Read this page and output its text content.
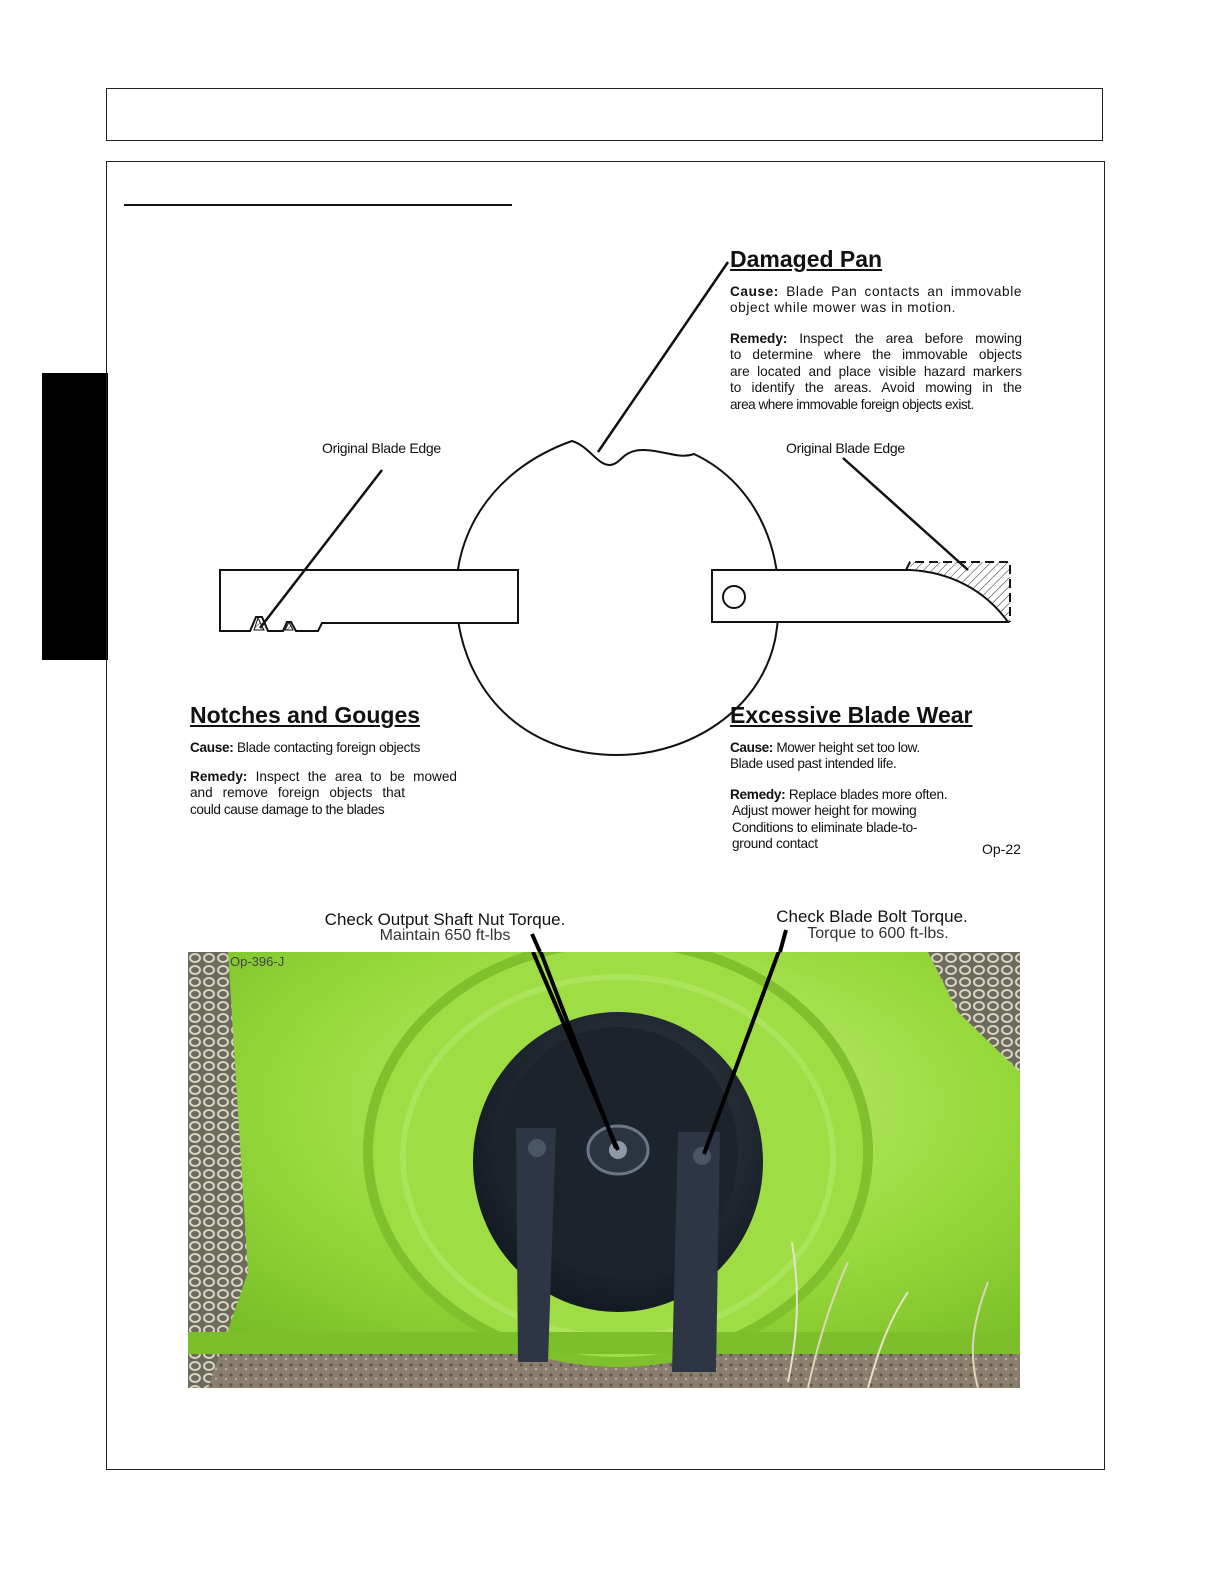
Damaged Pan
Cause: Blade Pan contacts an immovable object while mower was in motion.
Remedy: Inspect the area before mowing
to determine where the immovable objects
are located and place visible hazard markers
to identify the areas. Avoid mowing in the
area where immovable foreign objects exist.
Original Blade Edge	Original Blade Edge
Notches and Gouges
Cause: Blade contacting foreign objects
Remedy: Inspect the area to be mowed
and remove foreign objects that
could cause damage to the blades
Excessive Blade Wear
Cause: Mower height set too low.
Blade used past intended life.
Remedy: Replace blades more often.
Adjust mower height for mowing
Conditions to eliminate blade-to-
ground contact	Op-22
Check Output Shaft Nut Torque.
Maintain 650 ft-lbs
Check Blade Bolt Torque.
Torque to 600 ft-lbs.
Op-396-J
